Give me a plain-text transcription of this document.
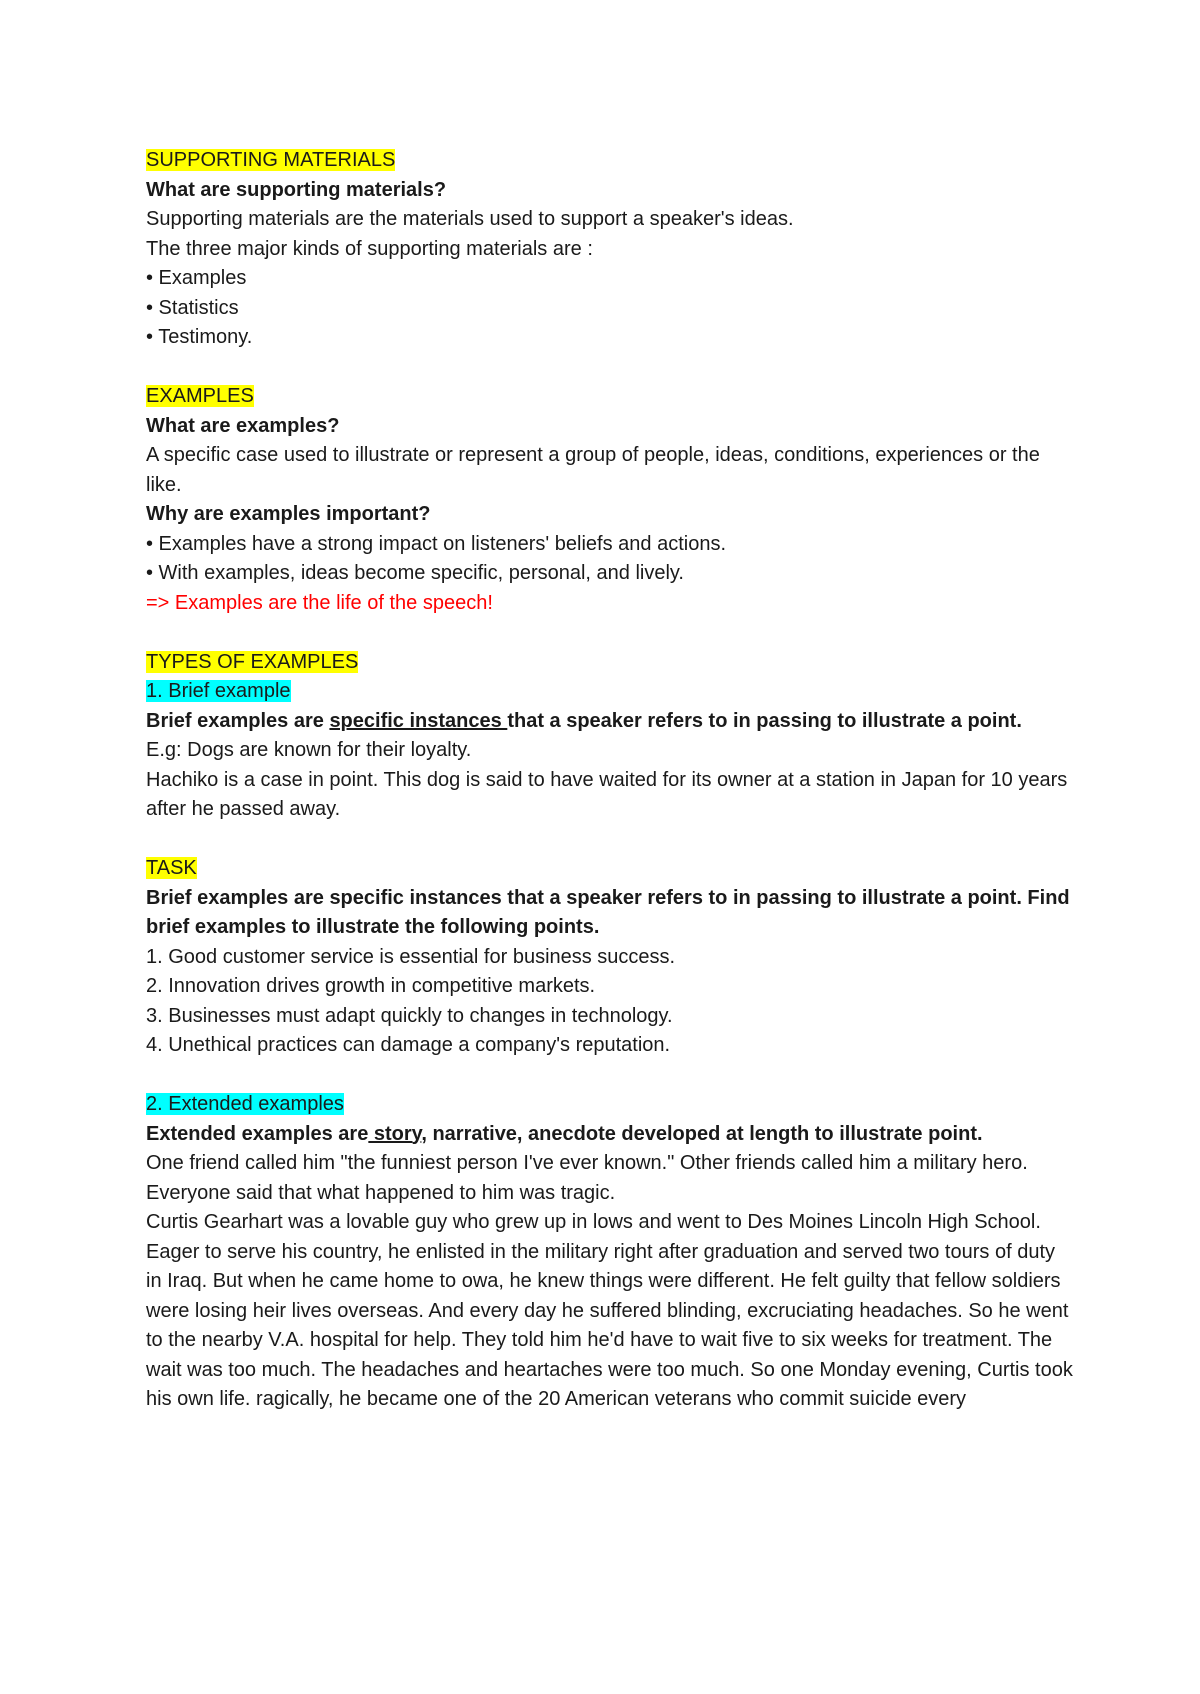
SUPPORTING MATERIALS
What are supporting materials?
Supporting materials are the materials used to support a speaker's ideas.
The three major kinds of supporting materials are :
• Examples
• Statistics
• Testimony.
EXAMPLES
What are examples?
A specific case used to illustrate or represent a group of people, ideas, conditions, experiences or the like.
Why are examples important?
• Examples have a strong impact on listeners' beliefs and actions.
• With examples, ideas become specific, personal, and lively.
=> Examples are the life of the speech!
TYPES OF EXAMPLES
1. Brief example
Brief examples are specific instances that a speaker refers to in passing to illustrate a point.
E.g: Dogs are known for their loyalty.
Hachiko is a case in point. This dog is said to have waited for its owner at a station in Japan for 10 years after he passed away.
TASK
Brief examples are specific instances that a speaker refers to in passing to illustrate a point. Find brief examples to illustrate the following points.
1. Good customer service is essential for business success.
2. Innovation drives growth in competitive markets.
3. Businesses must adapt quickly to changes in technology.
4. Unethical practices can damage a company's reputation.
2. Extended examples
Extended examples are story, narrative, anecdote developed at length to illustrate point.
One friend called him "the funniest person I've ever known." Other friends called him a military hero. Everyone said that what happened to him was tragic.
Curtis Gearhart was a lovable guy who grew up in lows and went to Des Moines Lincoln High School. Eager to serve his country, he enlisted in the military right after graduation and served two tours of duty in Iraq. But when he came home to owa, he knew things were different. He felt guilty that fellow soldiers were losing heir lives overseas. And every day he suffered blinding, excruciating headaches. So he went to the nearby V.A. hospital for help. They told him he'd have to wait five to six weeks for treatment. The wait was too much. The headaches and heartaches were too much. So one Monday evening, Curtis took his own life. ragically, he became one of the 20 American veterans who commit suicide every
